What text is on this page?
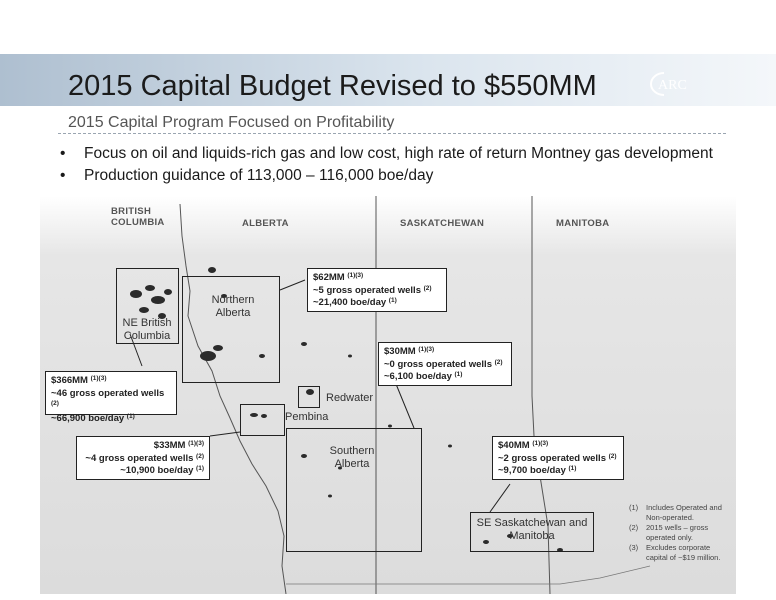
2015 Capital Budget Revised to $550MM	ARC
2015 Capital Program Focused on Profitability
• Focus on oil and liquids-rich gas and low cost, high rate of return Montney gas development
• Production guidance of 113,000 – 116,000 boe/day
BRITISH
COLUMBIA	ALBERTA	SASKATCHEWAN	MANITOBA
Northern
Alberta
NE British
Columbia
Redwater
Pembina
Southern
Alberta
SE Saskatchewan and
Manitoba
$62MM $^{(1)(3)}$
~5 gross operated wells $^{(2)}$
~21,400 boe/day $^{(1)}$
$30MM $^{(1)(3)}$
~0 gross operated wells $^{(2)}$
~6,100 boe/day $^{(1)}$
$366MM $^{(1)(3)}$
~46 gross operated wells $^{(2)}$
~66,900 boe/day $^{(1)}$
$33MM $^{(1)(3)}$
~4 gross operated wells $^{(2)}$
~10,900 boe/day $^{(1)}$
$40MM $^{(1)(3)}$
~2 gross operated wells $^{(2)}$
~9,700 boe/day $^{(1)}$
(1)	Includes Operated and Non-operated.
(2)	2015 wells – gross operated only.
(3)	Excludes corporate capital of ~$19 million.
